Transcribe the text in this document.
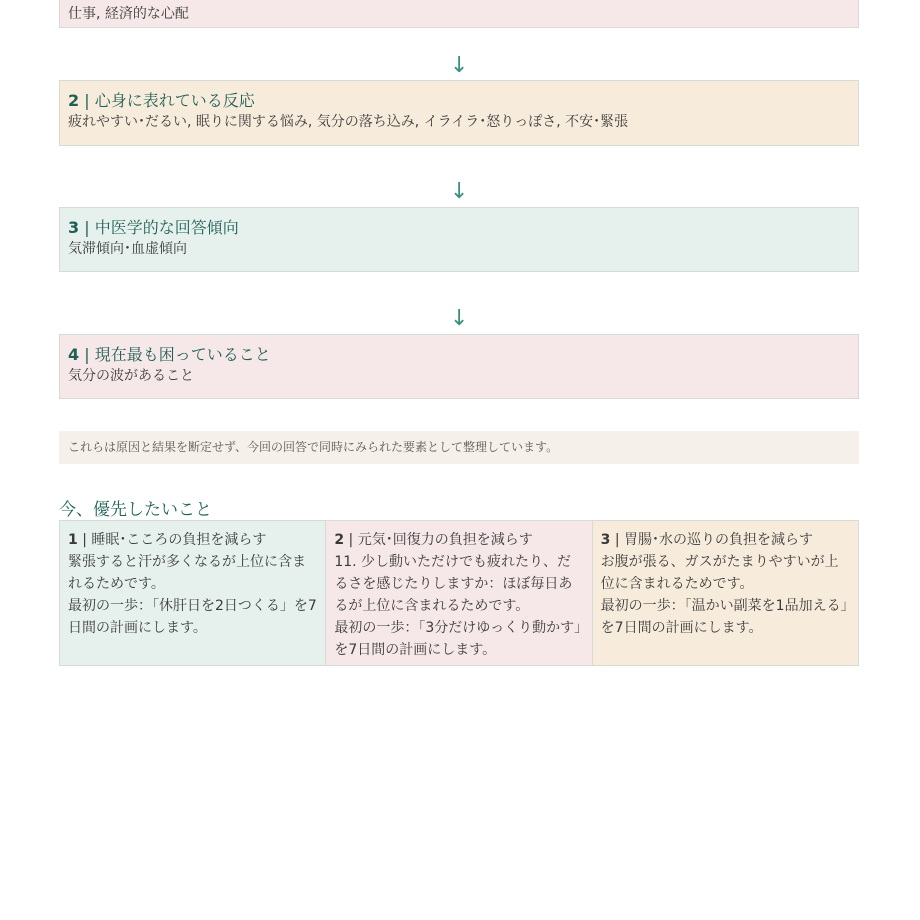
仕事, 経済的な心配
↓
2 | 心身に表れている反応
疲れやすい･だるい, 眠りに関する悩み, 気分の落ち込み, イライラ･怒りっぽさ, 不安･緊張
↓
3 | 中医学的な回答傾向
気滞傾向･血虚傾向
↓
4 | 現在最も困っていること
気分の波があること
これらは原因と結果を断定せず、今回の回答で同時にみられた要素として整理しています。
今、優先したいこと
1 | 睡眠･こころの負担を減らす
緊張すると汗が多くなるが上位に含まれるためです。
最初の一歩：「休肝日を2日つくる」を7日間の計画にします。
2 | 元気･回復力の負担を減らす
11. 少し動いただけでも疲れたり、だるさを感じたりしますか：ほぼ毎日あるが上位に含まれるためです。
最初の一歩：「3分だけゆっくり動かす」を7日間の計画にします。
3 | 胃腸･水の巡りの負担を減らす
お腹が張る、ガスがたまりやすいが上位に含まれるためです。
最初の一歩：「温かい副菜を1品加える」を7日間の計画にします。
